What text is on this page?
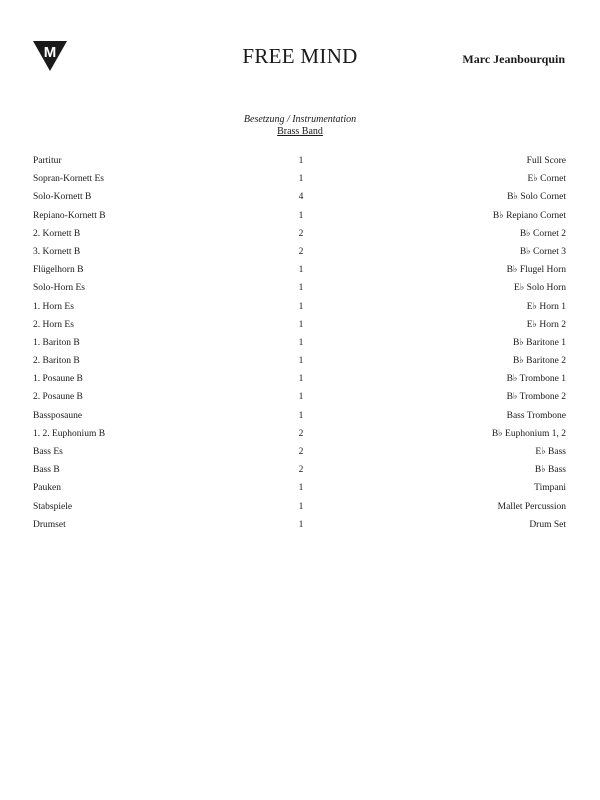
M	FREE MIND	Marc Jeanbourquin
Besetzung / Instrumentation
Brass Band
Partitur	1	Full Score
Sopran-Kornett Es	1	E♭ Cornet
Solo-Kornett B	4	B♭ Solo Cornet
Repiano-Kornett B	1	B♭ Repiano Cornet
2. Kornett B	2	B♭ Cornet 2
3. Kornett B	2	B♭ Cornet 3
Flügelhorn B	1	B♭ Flugel Horn
Solo-Horn Es	1	E♭ Solo Horn
1. Horn Es	1	E♭ Horn 1
2. Horn Es	1	E♭ Horn 2
1. Bariton B	1	B♭ Baritone 1
2. Bariton B	1	B♭ Baritone 2
1. Posaune B	1	B♭ Trombone 1
2. Posaune B	1	B♭ Trombone 2
Bassposaune	1	Bass Trombone
1. 2. Euphonium B	2	B♭ Euphonium 1, 2
Bass Es	2	E♭ Bass
Bass B	2	B♭ Bass
Pauken	1	Timpani
Stabspiele	1	Mallet Percussion
Drumset	1	Drum Set
